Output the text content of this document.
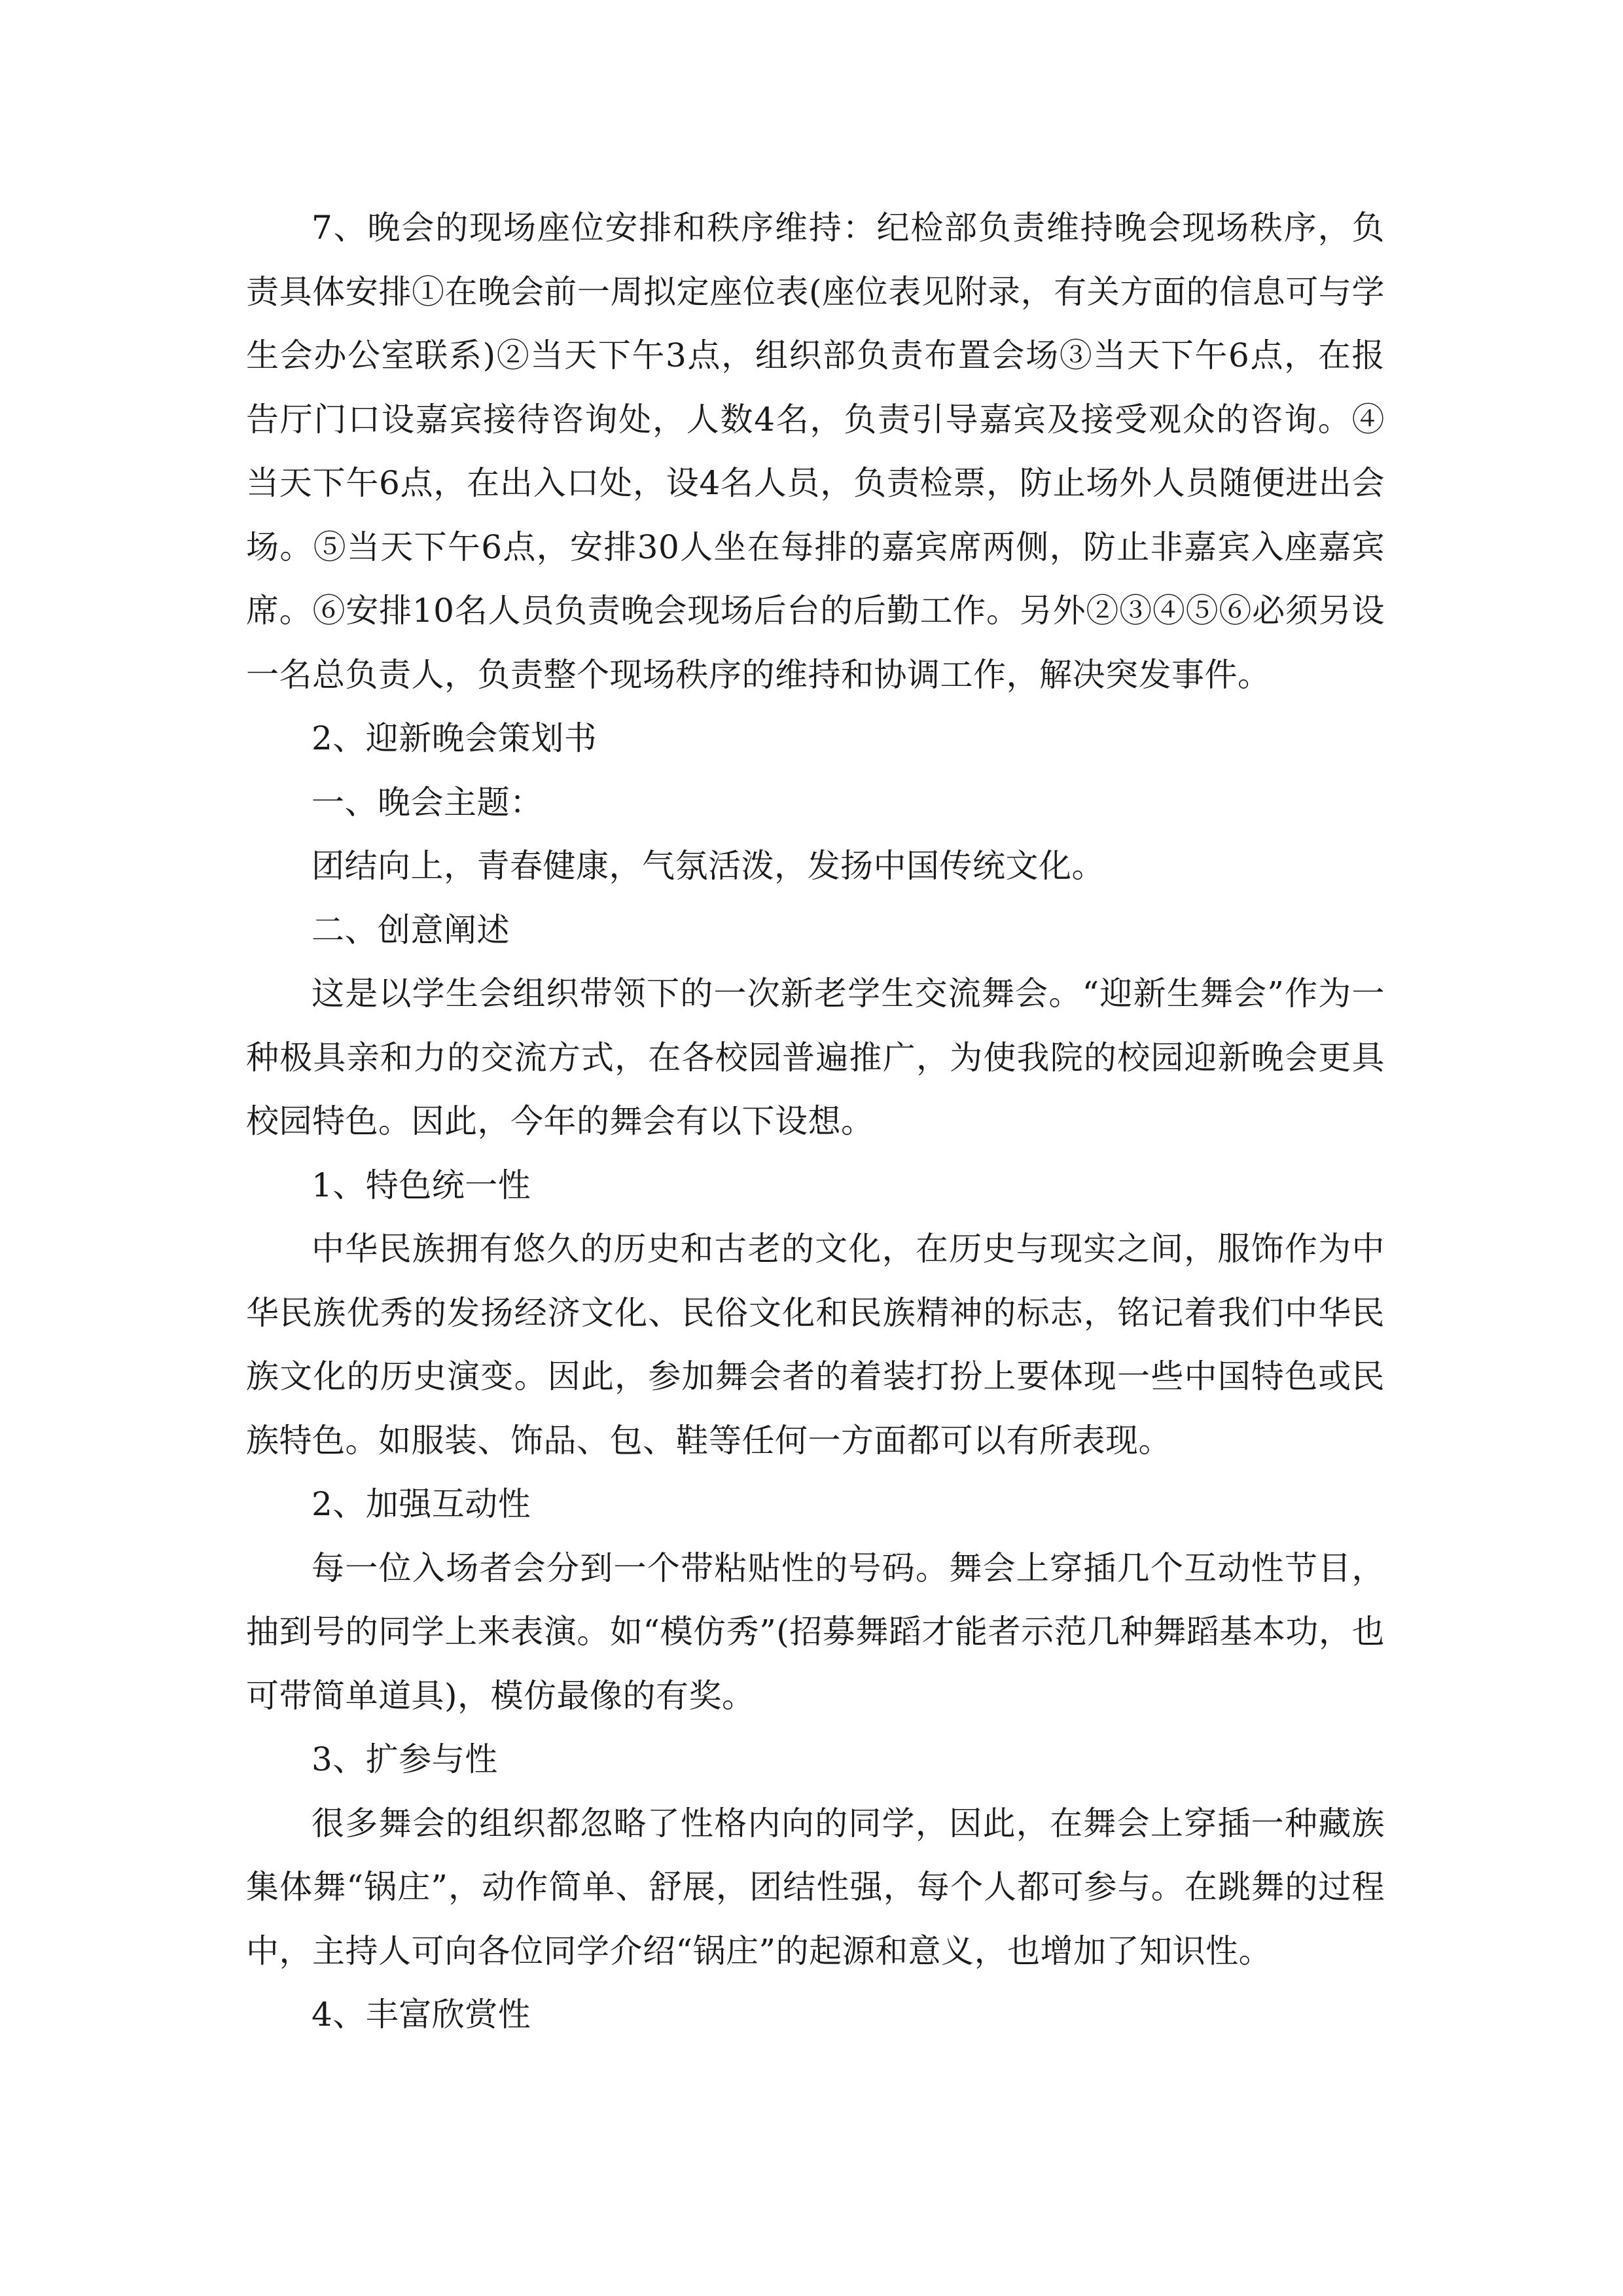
7、晚会的现场座位安排和秩序维持：纪检部负责维持晚会现场秩序，负责具体安排①在晚会前一周拟定座位表(座位表见附录，有关方面的信息可与学生会办公室联系)②当天下午3点，组织部负责布置会场③当天下午6点，在报告厅门口设嘉宾接待咨询处，人数4名，负责引导嘉宾及接受观众的咨询。④当天下午6点，在出入口处，设4名人员，负责检票，防止场外人员随便进出会场。⑤当天下午6点，安排30人坐在每排的嘉宾席两侧，防止非嘉宾入座嘉宾席。⑥安排10名人员负责晚会现场后台的后勤工作。另外②③④⑤⑥必须另设一名总负责人，负责整个现场秩序的维持和协调工作，解决突发事件。

2、迎新晚会策划书

一、晚会主题：

团结向上，青春健康，气氛活泼，发扬中国传统文化。

二、创意阐述

这是以学生会组织带领下的一次新老学生交流舞会。“迎新生舞会”作为一种极具亲和力的交流方式，在各校园普遍推广，为使我院的校园迎新晚会更具校园特色。因此，今年的舞会有以下设想。

1、特色统一性

中华民族拥有悠久的历史和古老的文化，在历史与现实之间，服饰作为中华民族优秀的发扬经济文化、民俗文化和民族精神的标志，铭记着我们中华民族文化的历史演变。因此，参加舞会者的着装打扮上要体现一些中国特色或民族特色。如服装、饰品、包、鞋等任何一方面都可以有所表现。

2、加强互动性

每一位入场者会分到一个带粘贴性的号码。舞会上穿插几个互动性节目，抽到号的同学上来表演。如“模仿秀”(招募舞蹈才能者示范几种舞蹈基本功，也可带简单道具)，模仿最像的有奖。

3、扩参与性

很多舞会的组织都忽略了性格内向的同学，因此，在舞会上穿插一种藏族集体舞“锅庄”，动作简单、舒展，团结性强，每个人都可参与。在跳舞的过程中，主持人可向各位同学介绍“锅庄”的起源和意义，也增加了知识性。

4、丰富欣赏性
